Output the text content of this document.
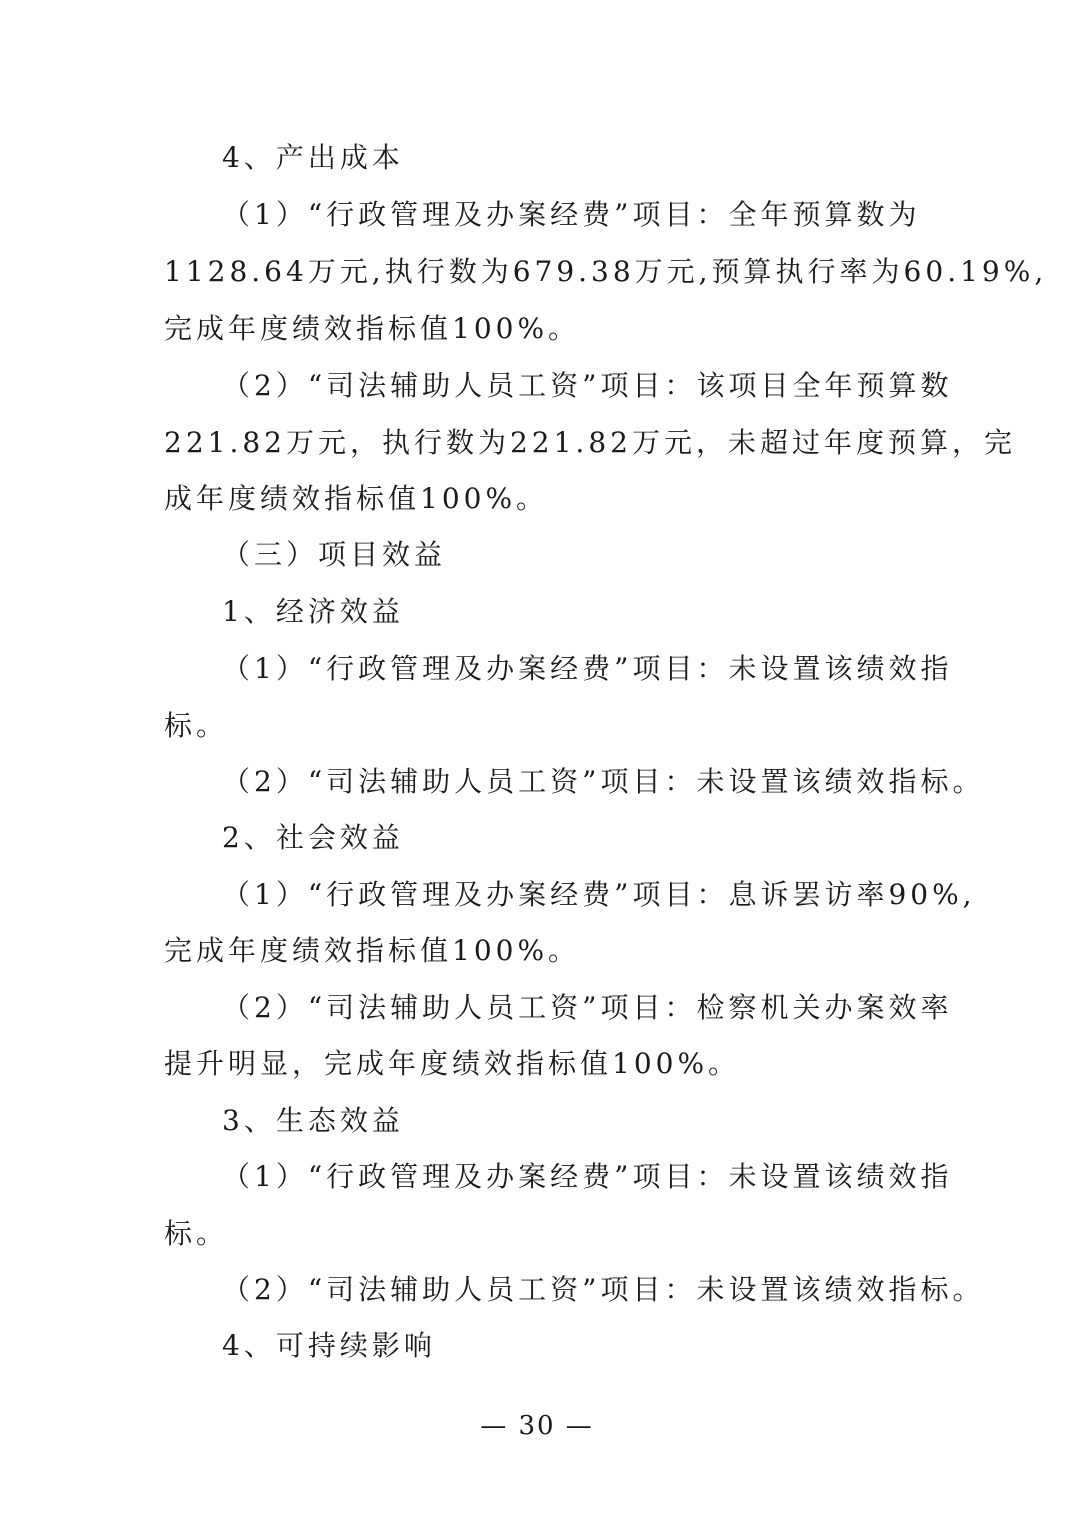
4、产出成本
（1）“行政管理及办案经费”项目：全年预算数为
1128.64万元,执行数为679.38万元,预算执行率为60.19%,
完成年度绩效指标值100%。
（2）“司法辅助人员工资”项目：该项目全年预算数
221.82万元，执行数为221.82万元，未超过年度预算，完
成年度绩效指标值100%。
（三）项目效益
1、经济效益
（1）“行政管理及办案经费”项目：未设置该绩效指
标。
（2）“司法辅助人员工资”项目：未设置该绩效指标。
2、社会效益
（1）“行政管理及办案经费”项目：息诉罢访率90%,
完成年度绩效指标值100%。
（2）“司法辅助人员工资”项目：检察机关办案效率
提升明显，完成年度绩效指标值100%。
3、生态效益
（1）“行政管理及办案经费”项目：未设置该绩效指
标。
（2）“司法辅助人员工资”项目：未设置该绩效指标。
4、可持续影响
— 30 —
